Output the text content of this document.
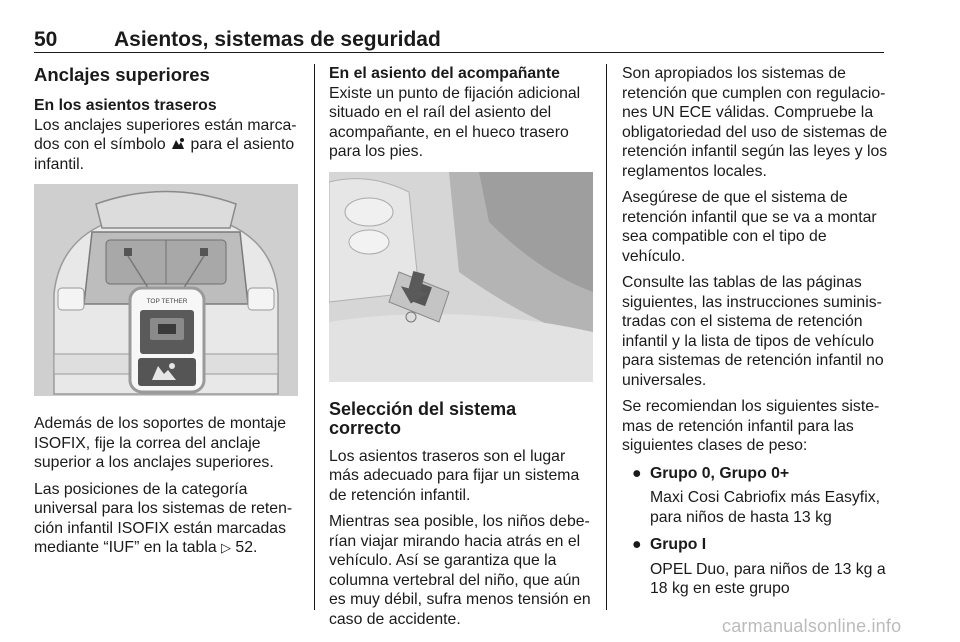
50	Asientos, sistemas de seguridad
Anclajes superiores
En los asientos traseros

Los anclajes superiores están marca-dos con el símbolo para el asiento infantil.

TOP TETHER

Además de los soportes de montaje ISOFIX, fije la correa del anclaje superior a los anclajes superiores.

Las posiciones de la categoría universal para los sistemas de reten-ción infantil ISOFIX están marcadas mediante “IUF” en la tabla ▷ 52.

En el asiento del acompañante

Existe un punto de fijación adicional situado en el raíl del asiento del acompañante, en el hueco trasero para los pies.

Selección del sistema correcto

Los asientos traseros son el lugar más adecuado para fijar un sistema de retención infantil.

Mientras sea posible, los niños debe-rían viajar mirando hacia atrás en el vehículo. Así se garantiza que la columna vertebral del niño, que aún es muy débil, sufra menos tensión en caso de accidente.

Son apropiados los sistemas de retención que cumplen con regulacio-nes UN ECE válidas. Compruebe la obligatoriedad del uso de sistemas de retención infantil según las leyes y los reglamentos locales.

Asegúrese de que el sistema de retención infantil que se va a montar sea compatible con el tipo de vehículo.

Consulte las tablas de las páginas siguientes, las instrucciones suminis-tradas con el sistema de retención infantil y la lista de tipos de vehículo para sistemas de retención infantil no universales.

Se recomiendan los siguientes siste-mas de retención infantil para las siguientes clases de peso:

● Grupo 0, Grupo 0+
Maxi Cosi Cabriofix más Easyfix, para niños de hasta 13 kg
● Grupo I
OPEL Duo, para niños de 13 kg a 18 kg en este grupo
carmanualsonline.info
